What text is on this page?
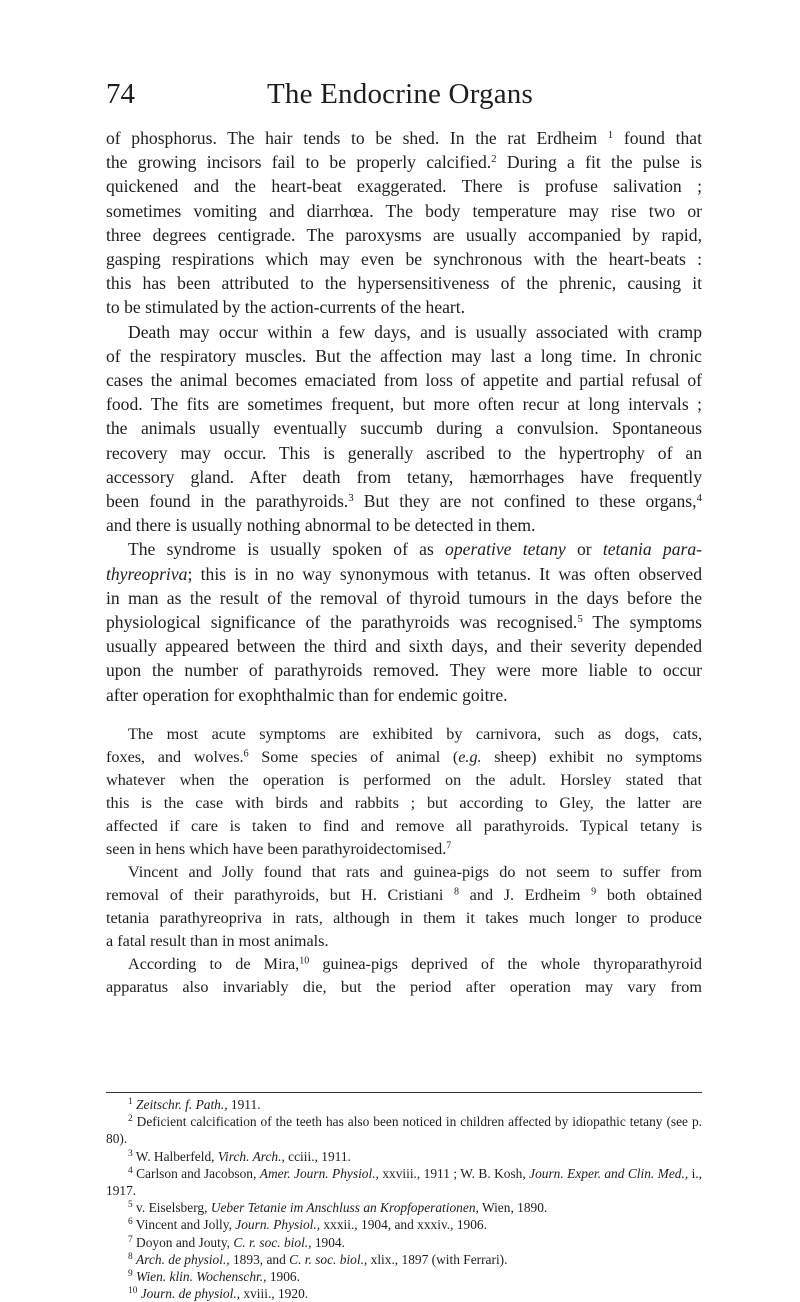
74	The Endocrine Organs
of phosphorus. The hair tends to be shed. In the rat Erdheim $^1$ found that
the growing incisors fail to be properly calcified.$^2$ During a fit the pulse is
quickened and the heart-beat exaggerated. There is profuse salivation ;
sometimes vomiting and diarrhœa. The body temperature may rise two or
three degrees centigrade. The paroxysms are usually accompanied by rapid,
gasping respirations which may even be synchronous with the heart-beats :
this has been attributed to the hypersensitiveness of the phrenic, causing it
to be stimulated by the action-currents of the heart.
Death may occur within a few days, and is usually associated with cramp
of the respiratory muscles. But the affection may last a long time. In chronic
cases the animal becomes emaciated from loss of appetite and partial refusal of
food. The fits are sometimes frequent, but more often recur at long intervals ;
the animals usually eventually succumb during a convulsion. Spontaneous
recovery may occur. This is generally ascribed to the hypertrophy of an
accessory gland. After death from tetany, hæmorrhages have frequently
been found in the parathyroids.$^3$ But they are not confined to these organs,$^4$
and there is usually nothing abnormal to be detected in them.
The syndrome is usually spoken of as operative tetany or tetania para-
thyreopriva; this is in no way synonymous with tetanus. It was often observed
in man as the result of the removal of thyroid tumours in the days before the
physiological significance of the parathyroids was recognised.$^5$ The symptoms
usually appeared between the third and sixth days, and their severity depended
upon the number of parathyroids removed. They were more liable to occur
after operation for exophthalmic than for endemic goitre.
The most acute symptoms are exhibited by carnivora, such as dogs, cats,
foxes, and wolves.$^6$ Some species of animal (e.g. sheep) exhibit no symptoms
whatever when the operation is performed on the adult. Horsley stated that
this is the case with birds and rabbits ; but according to Gley, the latter are
affected if care is taken to find and remove all parathyroids. Typical tetany is
seen in hens which have been parathyroidectomised.$^7$
Vincent and Jolly found that rats and guinea-pigs do not seem to suffer from
removal of their parathyroids, but H. Cristiani $^8$ and J. Erdheim $^9$ both obtained
tetania parathyreopriva in rats, although in them it takes much longer to produce
a fatal result than in most animals.
According to de Mira,$^{10}$ guinea-pigs deprived of the whole thyroparathyroid
apparatus also invariably die, but the period after operation may vary from

$^1$ Zeitschr. f. Path., 1911.

$^2$ Deficient calcification of the teeth has also been noticed in children affected by idiopathic tetany (see p. 80).

$^3$ W. Halberfeld, Virch. Arch., cciii., 1911.

$^4$ Carlson and Jacobson, Amer. Journ. Physiol., xxviii., 1911 ; W. B. Kosh, Journ. Exper. and Clin. Med., i., 1917.

$^5$ v. Eiselsberg, Ueber Tetanie im Anschluss an Kropfoperationen, Wien, 1890.

$^6$ Vincent and Jolly, Journ. Physiol., xxxii., 1904, and xxxiv., 1906.

$^7$ Doyon and Jouty, C. r. soc. biol., 1904.

$^8$ Arch. de physiol., 1893, and C. r. soc. biol., xlix., 1897 (with Ferrari).

$^9$ Wien. klin. Wochenschr., 1906.

$^{10}$ Journ. de physiol., xviii., 1920.
